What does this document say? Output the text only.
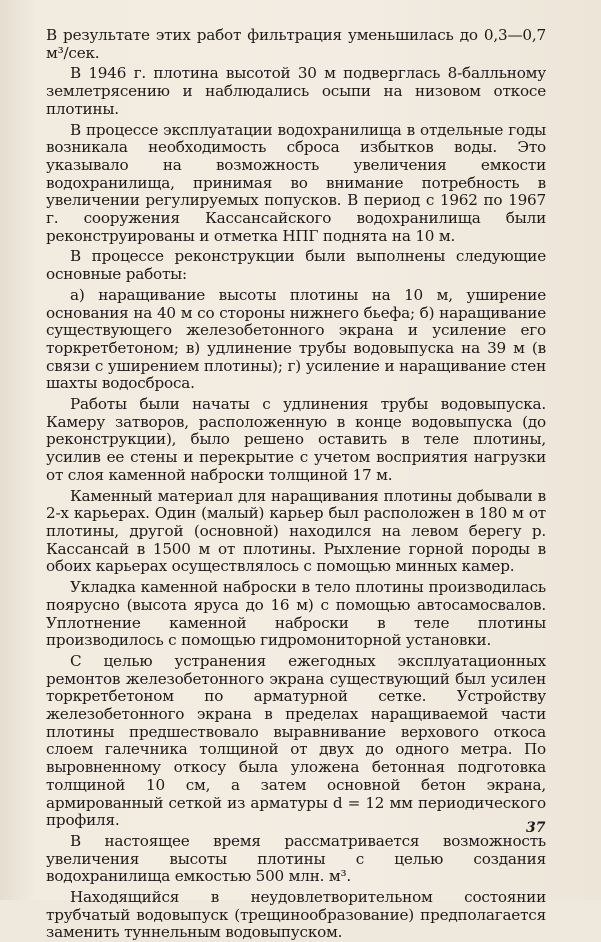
В результате этих работ фильтрация уменьшилась до 0,3—0,7 м³/сек.

В 1946 г. плотина высотой 30 м подверглась 8-балльному землетрясению и наблюдались осыпи на низовом откосе плотины.

В процессе эксплуатации водохранилища в отдельные годы возникала необходимость сброса избытков воды. Это указывало на возможность увеличения емкости водохранилища, принимая во внимание потребность в увеличении регулируемых попусков. В период с 1962 по 1967 г. сооружения Кассансайского водохранилища были реконструированы и отметка НПГ поднята на 10 м.

В процессе реконструкции были выполнены следующие основные работы:

а) наращивание высоты плотины на 10 м, уширение основания на 40 м со стороны нижнего бьефа; б) наращивание существующего железобетонного экрана и усиление его торкретбетоном; в) удлинение трубы водовыпуска на 39 м (в связи с уширением плотины); г) усиление и наращивание стен шахты водосброса.

Работы были начаты с удлинения трубы водовыпуска. Камеру затворов, расположенную в конце водовыпуска (до реконструкции), было решено оставить в теле плотины, усилив ее стены и перекрытие с учетом восприятия нагрузки от слоя каменной наброски толщиной 17 м.

Каменный материал для наращивания плотины добывали в 2-х карьерах. Один (малый) карьер был расположен в 180 м от плотины, другой (основной) находился на левом берегу р. Кассансай в 1500 м от плотины. Рыхление горной породы в обоих карьерах осуществлялось с помощью минных камер.

Укладка каменной наброски в тело плотины производилась поярусно (высота яруса до 16 м) с помощью автосамосвалов. Уплотнение каменной наброски в теле плотины производилось с помощью гидромониторной установки.

С целью устранения ежегодных эксплуатационных ремонтов железобетонного экрана существующий был усилен торкретбетоном по арматурной сетке. Устройству железобетонного экрана в пределах наращиваемой части плотины предшествовало выравнивание верхового откоса слоем галечника толщиной от двух до одного метра. По выровненному откосу была уложена бетонная подготовка толщиной 10 см, а затем основной бетон экрана, армированный сеткой из арматуры d = 12 мм периодического профиля.

В настоящее время рассматривается возможность увеличения высоты плотины с целью создания водохранилища емкостью 500 млн. м³.

Находящийся в неудовлетворительном состоянии трубчатый водовыпуск (трещинообразование) предполагается заменить туннельным водовыпуском.

37
